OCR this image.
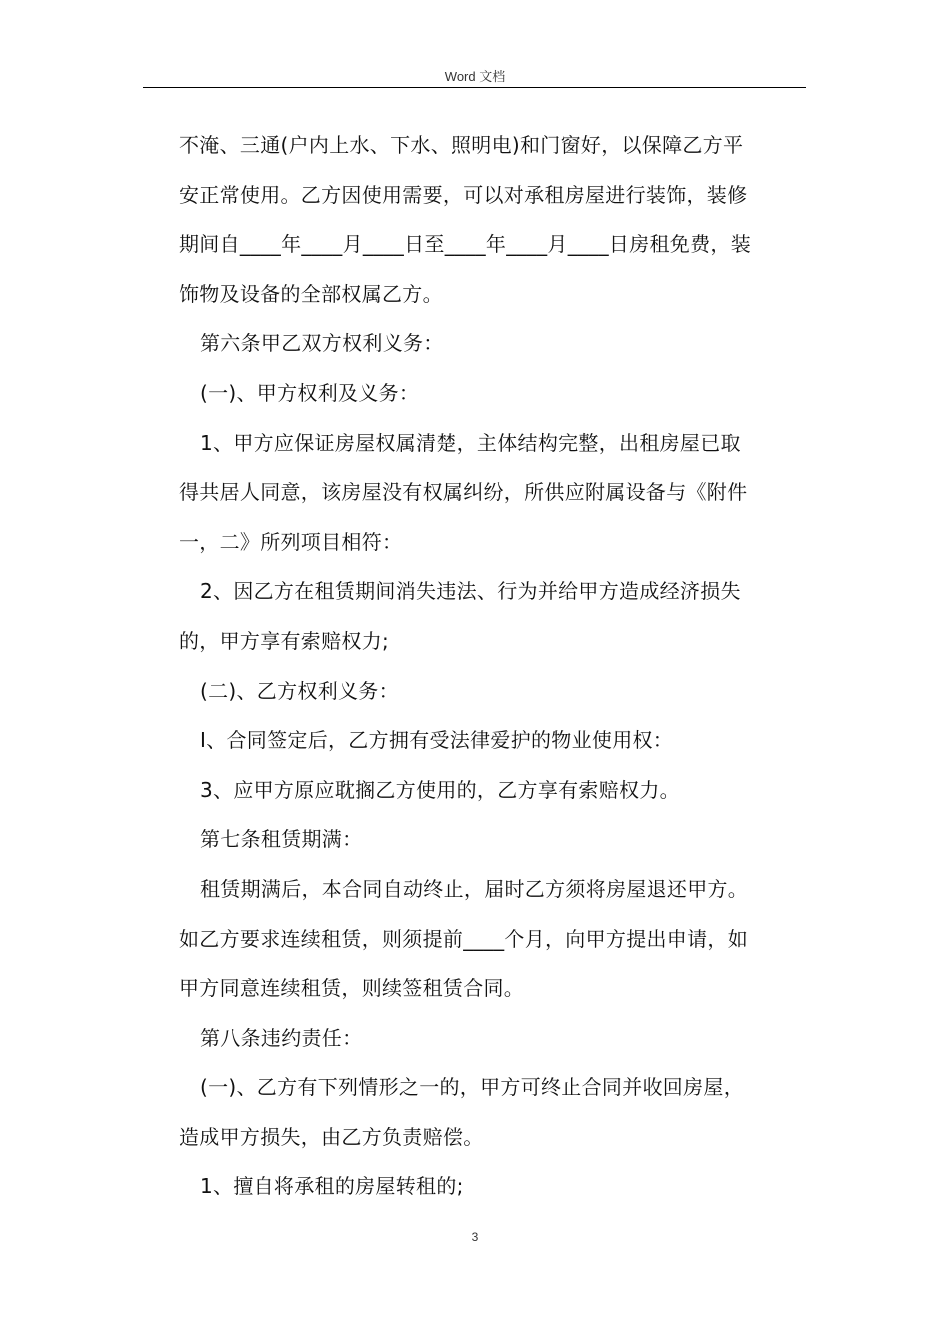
Word 文档
不淹、三通(户内上水、下水、照明电)和门窗好，以保障乙方平
安正常使用。乙方因使用需要，可以对承租房屋进行装饰，装修
期间自____年____月____日至____年____月____日房租免费，装
饰物及设备的全部权属乙方。
第六条甲乙双方权利义务：
(一)、甲方权利及义务：
1、甲方应保证房屋权属清楚，主体结构完整，出租房屋已取
得共居人同意，该房屋没有权属纠纷，所供应附属设备与《附件
一，二》所列项目相符：
2、因乙方在租赁期间消失违法、行为并给甲方造成经济损失
的，甲方享有索赔权力;
(二)、乙方权利义务：
I、合同签定后，乙方拥有受法律爱护的物业使用权：
3、应甲方原应耽搁乙方使用的，乙方享有索赔权力。
第七条租赁期满：
租赁期满后，本合同自动终止，届时乙方须将房屋退还甲方。
如乙方要求连续租赁，则须提前____个月，向甲方提出申请，如
甲方同意连续租赁，则续签租赁合同。
第八条违约责任：
(一)、乙方有下列情形之一的，甲方可终止合同并收回房屋，
造成甲方损失，由乙方负责赔偿。
1、擅自将承租的房屋转租的;
3
